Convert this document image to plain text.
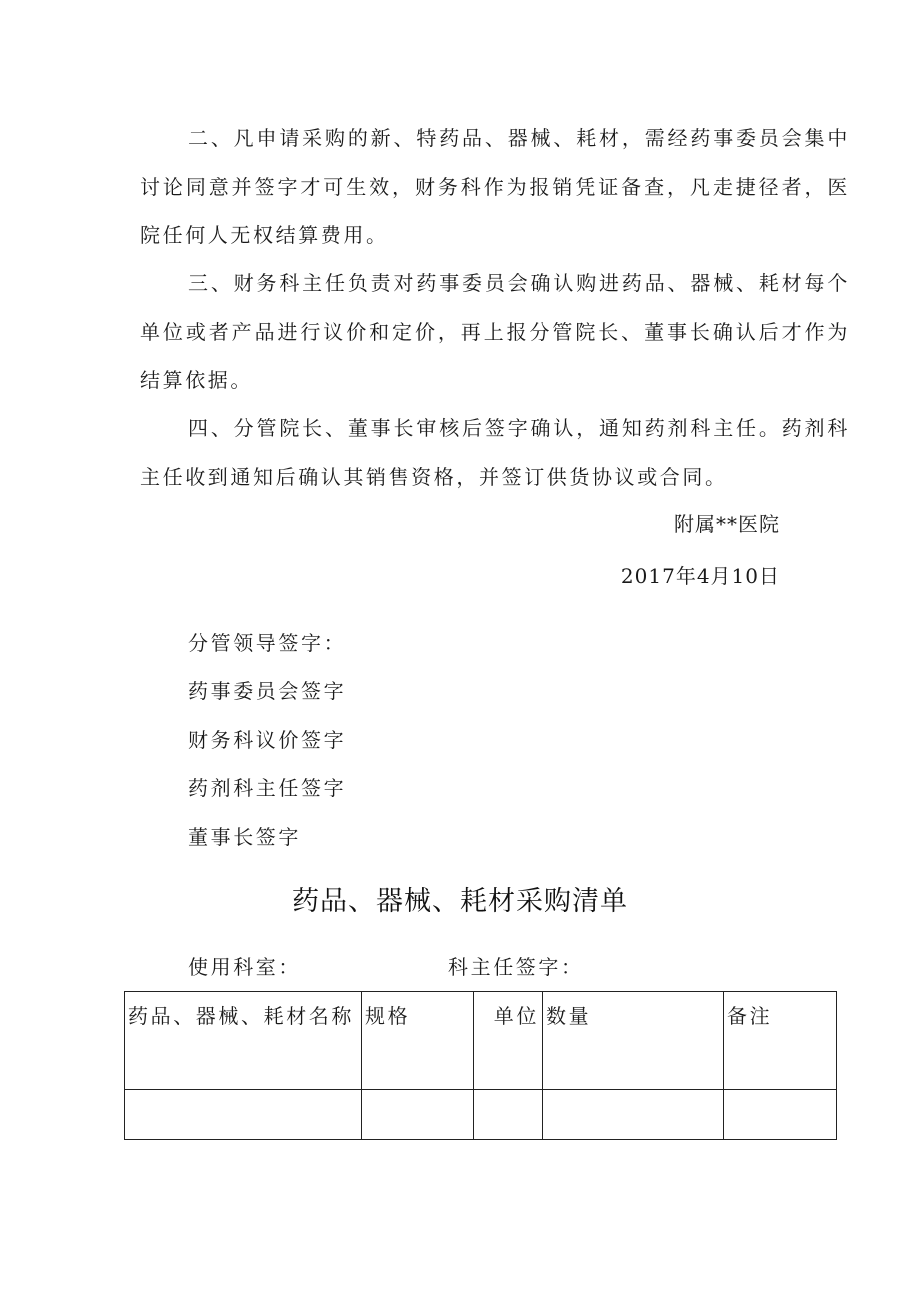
二、凡申请采购的新、特药品、器械、耗材，需经药事委员会集中讨论同意并签字才可生效，财务科作为报销凭证备查，凡走捷径者，医院任何人无权结算费用。

三、财务科主任负责对药事委员会确认购进药品、器械、耗材每个单位或者产品进行议价和定价，再上报分管院长、董事长确认后才作为结算依据。

四、分管院长、董事长审核后签字确认，通知药剂科主任。药剂科主任收到通知后确认其销售资格，并签订供货协议或合同。

附属**医院

2017年4月10日

分管领导签字：

药事委员会签字

财务科议价签字

药剂科主任签字

董事长签字

药品、器械、耗材采购清单

使用科室：	科主任签字：

药品、器械、耗材名称	规格	单位	数量	备注
